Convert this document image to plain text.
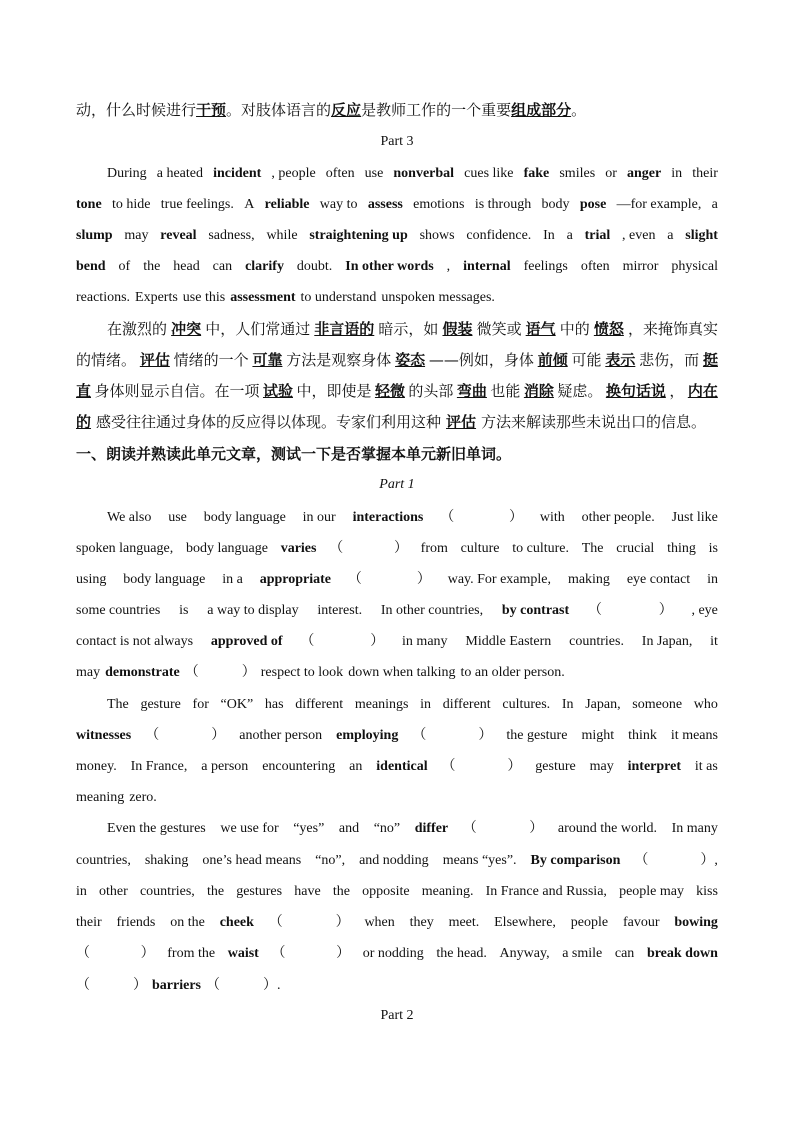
动，什么时候进行 干预 。对肢体语言的 反应 是教师工作的一个重要 组成部分 。
Part 3
During a heated incident , people often use nonverbal cues like fake smiles or anger in their
tone to hide true feelings. A reliable way to assess emotions is through body pose —for example, a
slump may reveal sadness, while straightening up shows confidence. In a trial , even a slight
bend of the head can clarify doubt. In other words , internal feelings often mirror physical
reactions. Experts use this assessment to understand unspoken messages.
在激烈的 冲突 中，人们常通过 非言语的 暗示，如 假装 微笑或 语气 中的 愤怒 ，来掩饰真实
的情绪。 评估 情绪的一个 可靠 方法是观察身体 姿态 ——例如，身体 前倾 可能 表示 悲伤，而 挺
直 身体则显示自信。在一项 试验 中，即使是 轻微 的头部 弯曲 也能 消除 疑虑。 换句话说 ， 内在
的 感受往往通过身体的反应得以体现。专家们利用这种 评估 方法来解读那些未说出口的信息。
一、朗读并熟读此单元文章，测试一下是否掌握本单元新旧单词。
Part 1
We also use body language in our interactions （	） with other people. Just like
spoken language, body language varies （	） from culture to culture. The crucial thing is
using body language in a appropriate （	） way. For example, making eye contact in
some countries is a way to display interest. In other countries, by contrast （	） , eye
contact is not always approved of （	） in many Middle Eastern countries. In Japan, it
may demonstrate （	） respect to look down when talking to an older person.
The gesture for “OK” has different meanings in different cultures. In Japan, someone who
witnesses （	） another person employing （	） the gesture might think it means
money. In France, a person encountering an identical （	） gesture may interpret it as
meaning zero.
Even the gestures we use for “yes” and “no” differ （	） around the world. In many
countries, shaking one’s head means “no”, and nodding means “yes”. By comparison （	）,
in other countries, the gestures have the opposite meaning. In France and Russia, people may kiss
their friends on the cheek （	） when they meet. Elsewhere, people favour bowing
（	） from the waist （	） or nodding the head. Anyway, a smile can break down
（	） barriers （	）.
Part 2
